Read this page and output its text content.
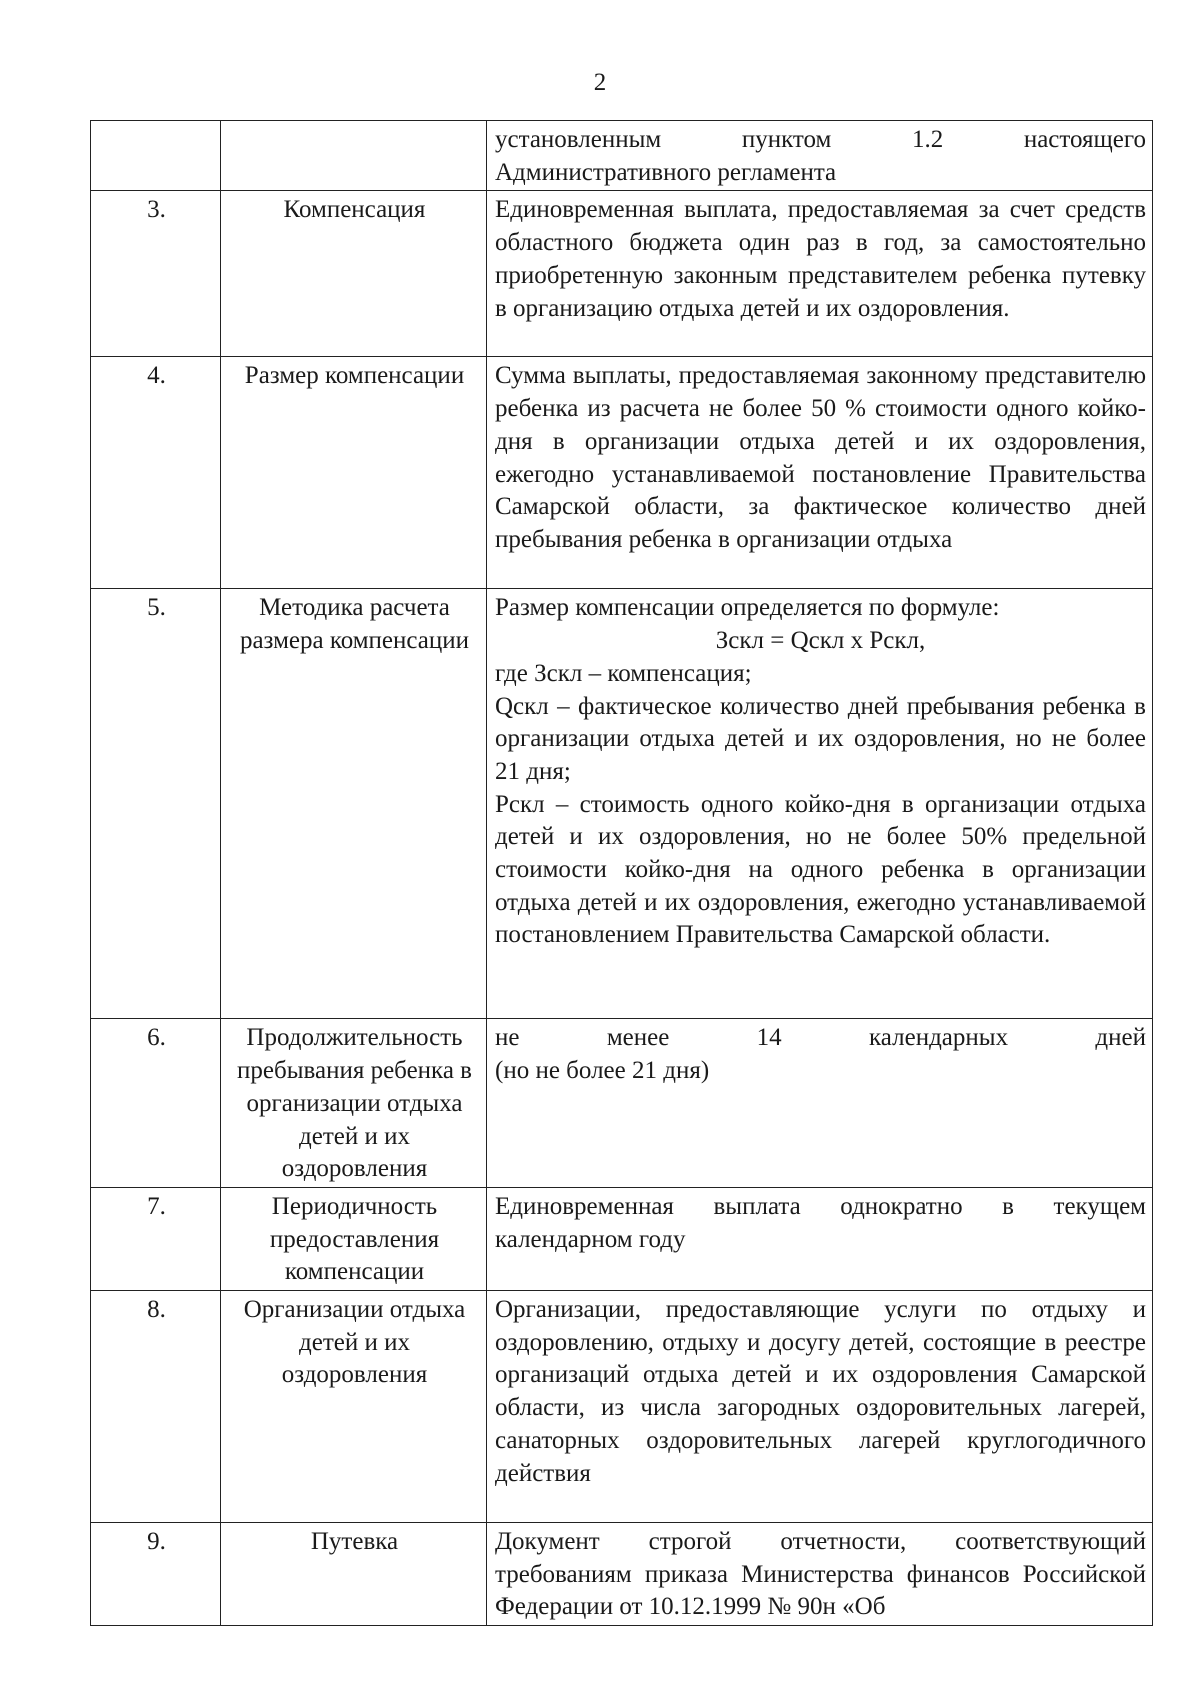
2

		установленным пунктом 1.2 настоящего
Административного регламента

3.	Компенсация	Единовременная выплата, предоставляемая за счет средств областного бюджета один раз в год, за самостоятельно приобретенную законным представителем ребенка путевку в организацию отдыха детей и их оздоровления.
4.	Размер компенсации	Сумма выплаты, предоставляемая законному представителю ребенка из расчета не более 50 % стоимости одного койко-дня в организации отдыха детей и их оздоровления, ежегодно устанавливаемой постановление Правительства Самарской области, за фактическое количество дней пребывания ребенка в организации отдыха
5.	Методика расчета размера компенсации	Размер компенсации определяется по формуле:
Зскл = Qскл х Рскл,
где Зскл – компенсация;
Qскл – фактическое количество дней пребывания ребенка в организации отдыха детей и их оздоровления, но не более 21 дня;
Рскл – стоимость одного койко-дня в организации отдыха детей и их оздоровления, но не более 50% предельной стоимости койко-дня на одного ребенка в организации отдыха детей и их оздоровления, ежегодно устанавливаемой постановлением Правительства Самарской области.

6.	Продолжительность пребывания ребенка в организации отдыха детей и их оздоровления	не менее 14 календарных дней
(но не более 21 дня)

7.	Периодичность предоставления компенсации	Единовременная выплата однократно в текущем календарном году
8.	Организации отдыха детей и их оздоровления	Организации, предоставляющие услуги по отдыху и оздоровлению, отдыху и досугу детей, состоящие в реестре организаций отдыха детей и их оздоровления Самарской области, из числа загородных оздоровительных лагерей, санаторных оздоровительных лагерей круглогодичного действия
9.	Путевка	Документ строгой отчетности, соответствующий требованиям приказа Министерства финансов Российской Федерации от 10.12.1999 № 90н «Об
